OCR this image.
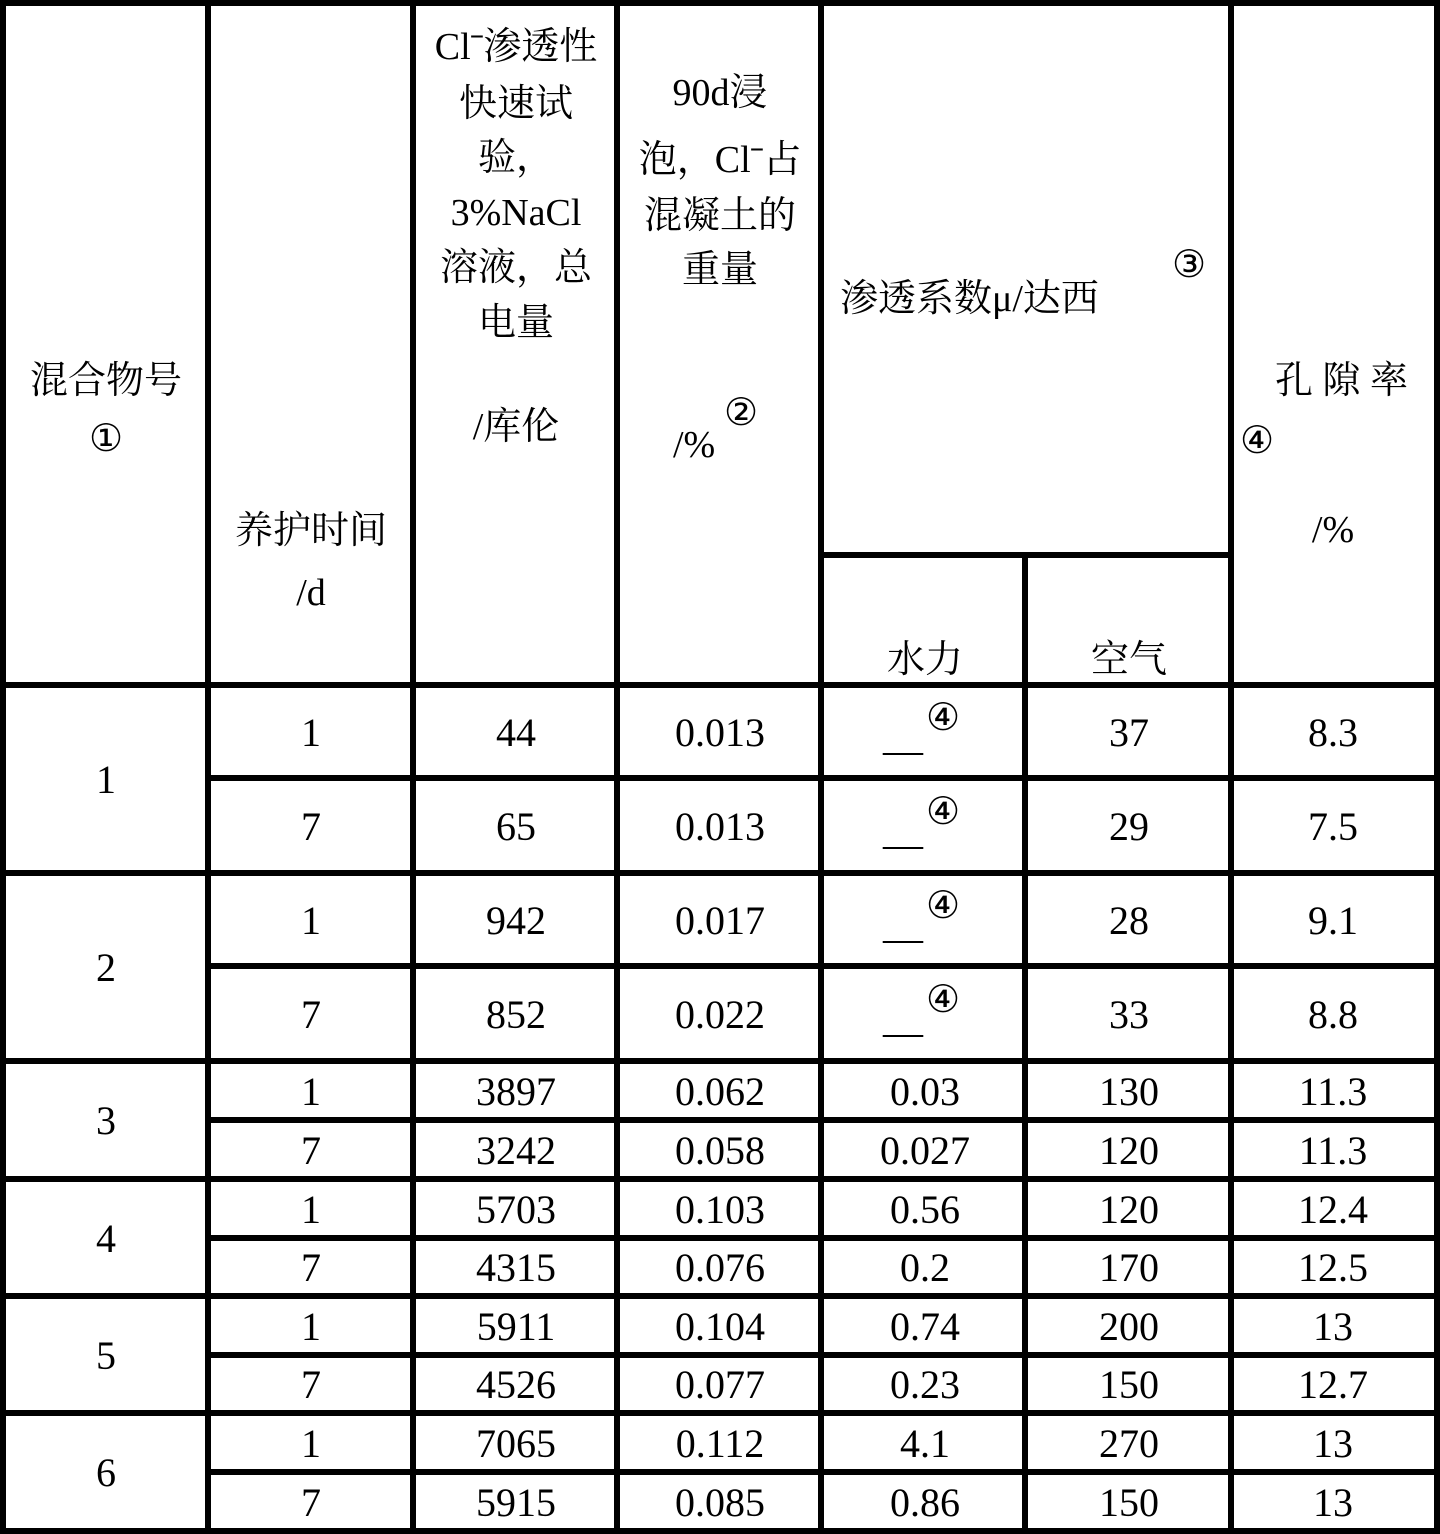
混合物号
①
养护时间
/d
Clˉ渗透性
快速试
验，
3%NaCl
溶液，总
电量
/库伦
90d浸
泡，Clˉ占
混凝土的
重量
/%
②
渗透系数μ/达西
③
水力	空气
孔 隙 率
④
/%
1
1	44	0.013	__ ④	37	8.3
7	65	0.013	__ ④	29	7.5
2
1	942	0.017	__ ④	28	9.1
7	852	0.022	__ ④	33	8.8
3
1	3897	0.062	0.03	130	11.3
7	3242	0.058	0.027	120	11.3
4
1	5703	0.103	0.56	120	12.4
7	4315	0.076	0.2	170	12.5
5
1	5911	0.104	0.74	200	13
7	4526	0.077	0.23	150	12.7
6
1	7065	0.112	4.1	270	13
7	5915	0.085	0.86	150	13
